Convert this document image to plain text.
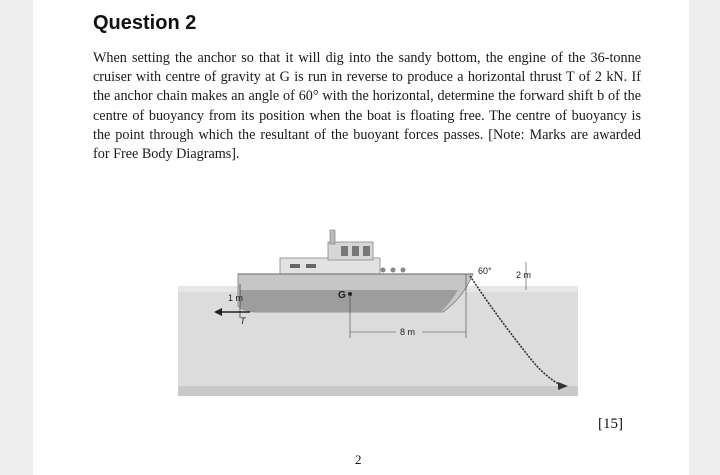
Question 2
When setting the anchor so that it will dig into the sandy bottom, the engine of the 36-tonne cruiser with centre of gravity at G is run in reverse to produce a horizontal thrust T of 2 kN. If the anchor chain makes an angle of 60° with the horizontal, determine the forward shift b of the centre of buoyancy from its position when the boat is floating free. The centre of buoyancy is the point through which the resultant of the buoyant forces passes. [Note: Marks are awarded for Free Body Diagrams].
G
1 m
T
8 m
60°	2 m
[15]
2
